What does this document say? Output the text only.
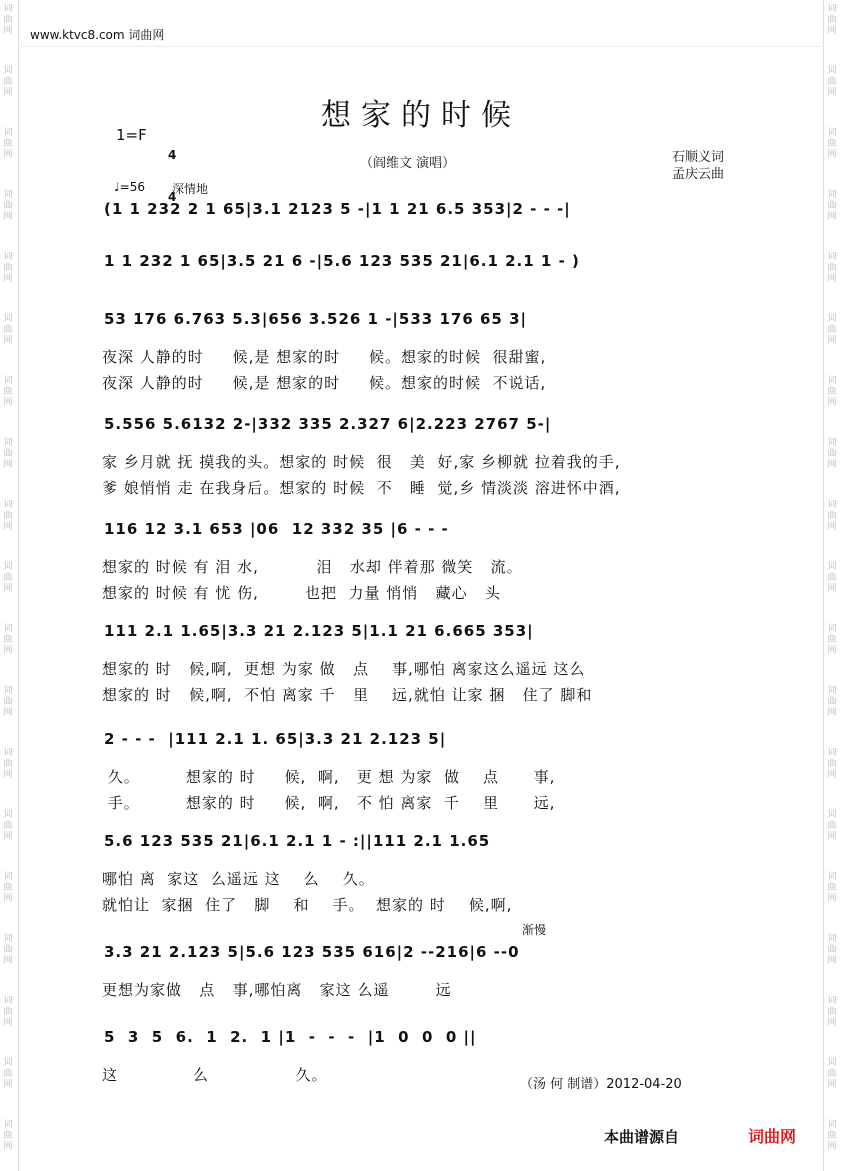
词曲网
词曲网
词曲网
词曲网
词曲网
词曲网
词曲网
词曲网
词曲网
词曲网
词曲网
词曲网
词曲网
词曲网
词曲网
词曲网
词曲网
词曲网
词曲网
词曲网
词曲网
词曲网
词曲网
词曲网
词曲网
词曲网
词曲网
词曲网
词曲网
词曲网
词曲网
词曲网
词曲网
词曲网
词曲网
词曲网
词曲网
词曲网
www.ktvc8.com 词曲网
想家的时候
1=F

4

4

（阎维文 演唱）	石顺义词
孟庆云曲
♩=56 深情地
(1 1 232 2 1 65|3.1 2123 5 -|1 1 21 6.5 353|2 - - -|
1 1 232 1 65|3.5 21 6 -|5.6 123 535 21|6.1 2.1 1 - )
53 176 6.763 5.3|656 3.526 1 -|533 176 65 3|
夜深 人静的时     候,是 想家的时     候。想家的时候  很甜蜜,
夜深 人静的时     候,是 想家的时     候。想家的时候  不说话,
5.556 5.6132 2-|332 335 2.327 6|2.223 2767 5-|
家 乡月就 抚 摸我的头。想家的 时候  很   美  好,家 乡柳就 拉着我的手,
爹 娘悄悄 走 在我身后。想家的 时候  不   睡  觉,乡 情淡淡 溶进怀中酒,
116 12 3.1 653 |06  12 332 35 |6 - - -
想家的 时候 有 泪 水,          泪   水却 伴着那 微笑   流。
想家的 时候 有 忧 伤,        也把  力量 悄悄   藏心   头
111 2.1 1.65|3.3 21 2.123 5|1.1 21 6.665 353|
想家的 时   候,啊,  更想 为家 做   点    事,哪怕 离家这么遥远 这么
想家的 时   候,啊,  不怕 离家 千   里    远,就怕 让家 捆   住了 脚和
2 - - -  |111 2.1 1. 65|3.3 21 2.123 5|
久。        想家的 时     候,  啊,   更 想 为家  做    点      事,
手。        想家的 时     候,  啊,   不 怕 离家  千    里      远,
5.6 123 535 21|6.1 2.1 1 - :||111 2.1 1.65
哪怕 离  家这  么遥远 这    么    久。
就怕让  家捆  住了   脚    和    手。  想家的 时    候,啊,
3.3 21 2.123 5|5.6 123 535 616|2 --216|6 --0
渐慢
更想为家做   点   事,哪怕离   家这 么遥        远
5  3  5  6.  1  2.  1 |1  -  -  -  |1  0  0  0 ||
这             么               久。
（汤 何 制谱）2012-04-20
本曲谱源自	词曲网
